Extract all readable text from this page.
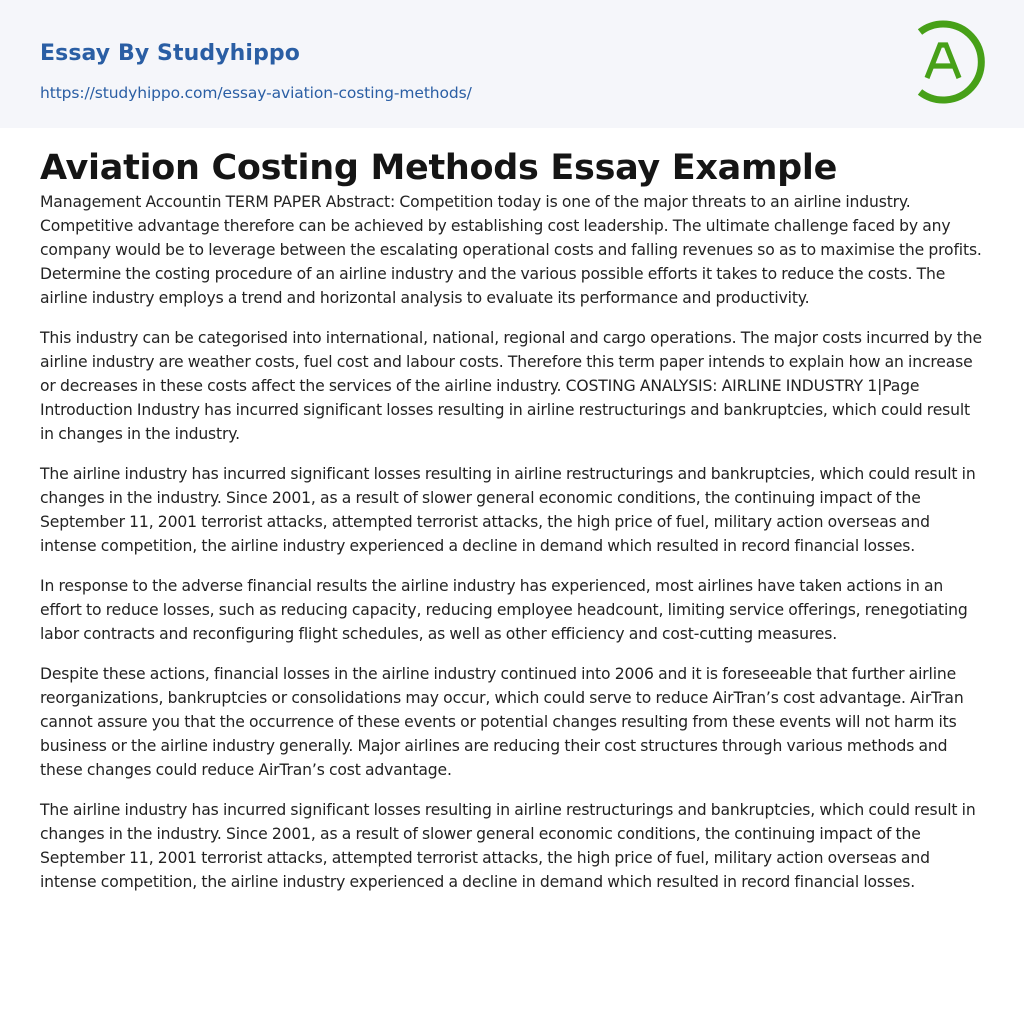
Essay By Studyhippo
https://studyhippo.com/essay-aviation-costing-methods/
Aviation Costing Methods Essay Example

Management Accountin TERM PAPER Abstract: Competition today is one of the major threats to an airline industry. Competitive advantage therefore can be achieved by establishing cost leadership. The ultimate challenge faced by any company would be to leverage between the escalating operational costs and falling revenues so as to maximise the profits. Determine the costing procedure of an airline industry and the various possible efforts it takes to reduce the costs. The airline industry employs a trend and horizontal analysis to evaluate its performance and productivity.

This industry can be categorised into international, national, regional and cargo operations. The major costs incurred by the airline industry are weather costs, fuel cost and labour costs. Therefore this term paper intends to explain how an increase or decreases in these costs affect the services of the airline industry. COSTING ANALYSIS: AIRLINE INDUSTRY 1|Page Introduction Industry has incurred significant losses resulting in airline restructurings and bankruptcies, which could result in changes in the industry.

The airline industry has incurred significant losses resulting in airline restructurings and bankruptcies, which could result in changes in the industry. Since 2001, as a result of slower general economic conditions, the continuing impact of the September 11, 2001 terrorist attacks, attempted terrorist attacks, the high price of fuel, military action overseas and intense competition, the airline industry experienced a decline in demand which resulted in record financial losses.

In response to the adverse financial results the airline industry has experienced, most airlines have taken actions in an effort to reduce losses, such as reducing capacity, reducing employee headcount, limiting service offerings, renegotiating labor contracts and reconfiguring flight schedules, as well as other efficiency and cost-cutting measures.

Despite these actions, financial losses in the airline industry continued into 2006 and it is foreseeable that further airline reorganizations, bankruptcies or consolidations may occur, which could serve to reduce AirTran’s cost advantage. AirTran cannot assure you that the occurrence of these events or potential changes resulting from these events will not harm its business or the airline industry generally. Major airlines are reducing their cost structures through various methods and these changes could reduce AirTran’s cost advantage.

The airline industry has incurred significant losses resulting in airline restructurings and bankruptcies, which could result in changes in the industry. Since 2001, as a result of slower general economic conditions, the continuing impact of the September 11, 2001 terrorist attacks, attempted terrorist attacks, the high price of fuel, military action overseas and intense competition, the airline industry experienced a decline in demand which resulted in record financial losses.
